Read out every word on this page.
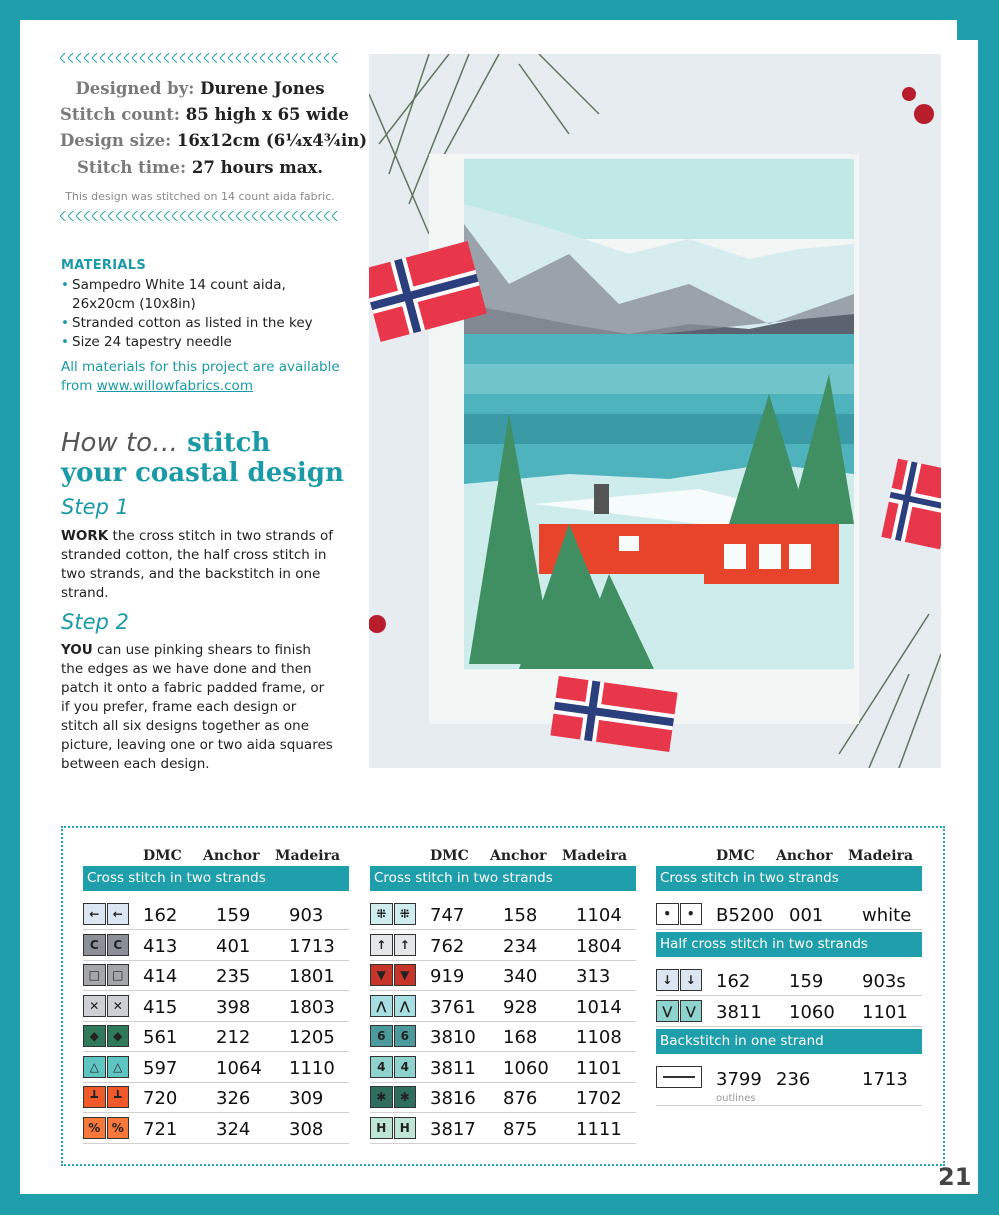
Designed by: Durene Jones
Stitch count: 85 high x 65 wide
Design size: 16x12cm (6¼x4¾in)
Stitch time: 27 hours max.
This design was stitched on 14 count aida fabric.
MATERIALS
• Sampedro White 14 count aida, 26x20cm (10x8in)
• Stranded cotton as listed in the key
• Size 24 tapestry needle
All materials for this project are available from www.willowfabrics.com
How to… stitch
your coastal design
Step 1
WORK the cross stitch in two strands of stranded cotton, the half cross stitch in two strands, and the backstitch in one strand.
Step 2
YOU can use pinking shears to finish the edges as we have done and then patch it onto a fabric padded frame, or if you prefer, frame each design or stitch all six designs together as one picture, leaving one or two aida squares between each design.
DMC Anchor Madeira
Cross stitch in two strands
←	←	162 159 903
C	C	413 401 1713
□	□	414 235 1801
✕	✕	415 398 1803
◆	◆	561 212 1205
△	△	597 1064 1110
┻	┻	720 326 309
% % 721 324 308
DMC Anchor Madeira
Cross stitch in two strands
⁜	⁜	747 158 1104
↑	↑	762 234 1804
▼	▼	919 340 313
⋀	⋀	3761 928 1014
6	6	3810 168 1108
4	4	3811 1060 1101
✱	✱	3816 876 1702
H	H	3817 875 1111
DMC Anchor Madeira
Cross stitch in two strands
•	•	B5200 001 white
Half cross stitch in two strands
↓	↓	162 159 903s
⋁	⋁	3811 1060 1101
Backstitch in one strand
3799 236	1713
outlines
21
